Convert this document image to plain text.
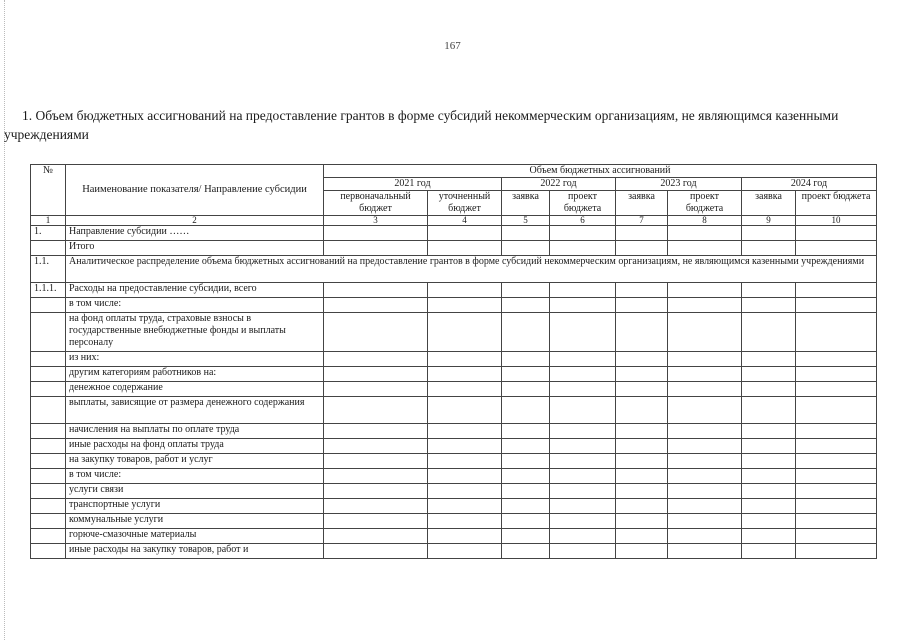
167
1. Объем бюджетных ассигнований на предоставление грантов в форме субсидий некоммерческим организациям, не являющимся казенными учреждениями
№	Наименование показателя/ Направление субсидии	Объем бюджетных ассигнований							
		2021 год		2022 год		2023 год		2024 год	
		первоначальный бюджет	уточненный бюджет	заявка	проект бюджета	заявка	проект бюджета	заявка	проект бюджета
1	2	3	4	5	6	7	8	9	10
1.	Направление субсидии ……								
	Итого								
1.1.	Аналитическое распределение объема бюджетных ассигнований на предоставление грантов в форме субсидий некоммерческим организациям, не являющимся казенными учреждениями								
1.1.1.	Расходы на предоставление субсидии, всего								
	в том числе:								
	на фонд оплаты труда, страховые взносы в государственные внебюджетные фонды и выплаты персоналу								
	из них:								
	другим категориям работников на:								
	денежное содержание								
	выплаты, зависящие от размера денежного содержания								
	начисления на выплаты по оплате труда								
	иные расходы на фонд оплаты труда								
	на закупку товаров, работ и услуг								
	в том числе:								
	услуги связи								
	транспортные услуги								
	коммунальные услуги								
	горюче-смазочные материалы								
	иные расходы на закупку товаров, работ и								
